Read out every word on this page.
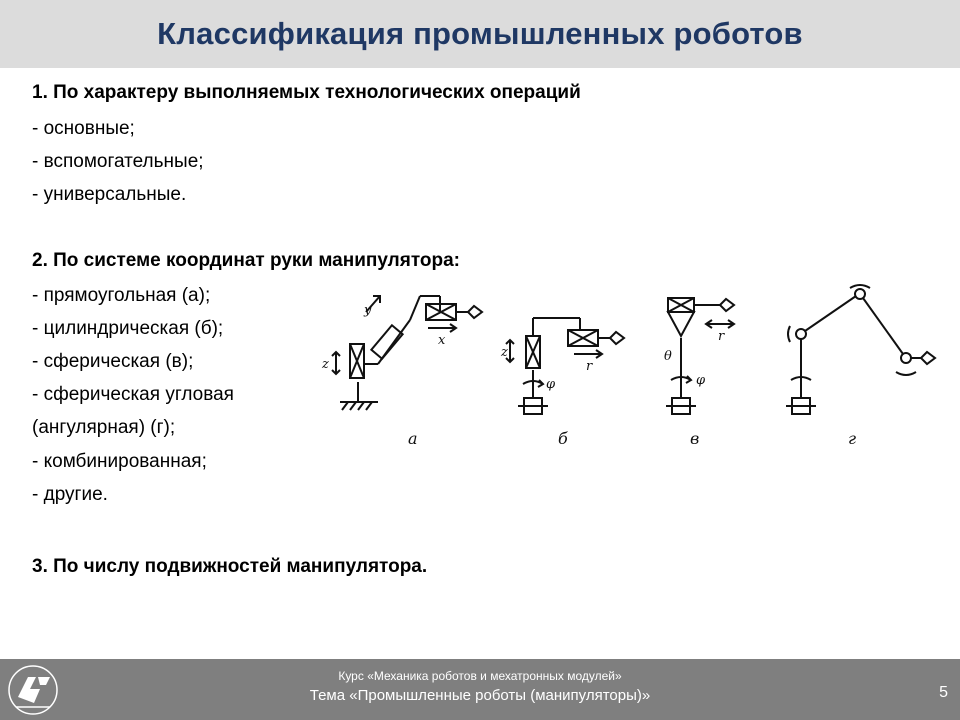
Классификация промышленных роботов
1. По характеру выполняемых технологических операций
- основные;
- вспомогательные;
- универсальные.
2. По системе координат руки манипулятора:
- прямоугольная (а);
- цилиндрическая (б);
- сферическая (в);
- сферическая угловая
(ангулярная) (г);
- комбинированная;
- другие.
3. По числу подвижностей манипулятора.
а	б	в	г
z
y
x
z
φ
r
θ
φ
r
Курс «Механика роботов и мехатронных модулей»
Тема «Промышленные роботы (манипуляторы)»	5
